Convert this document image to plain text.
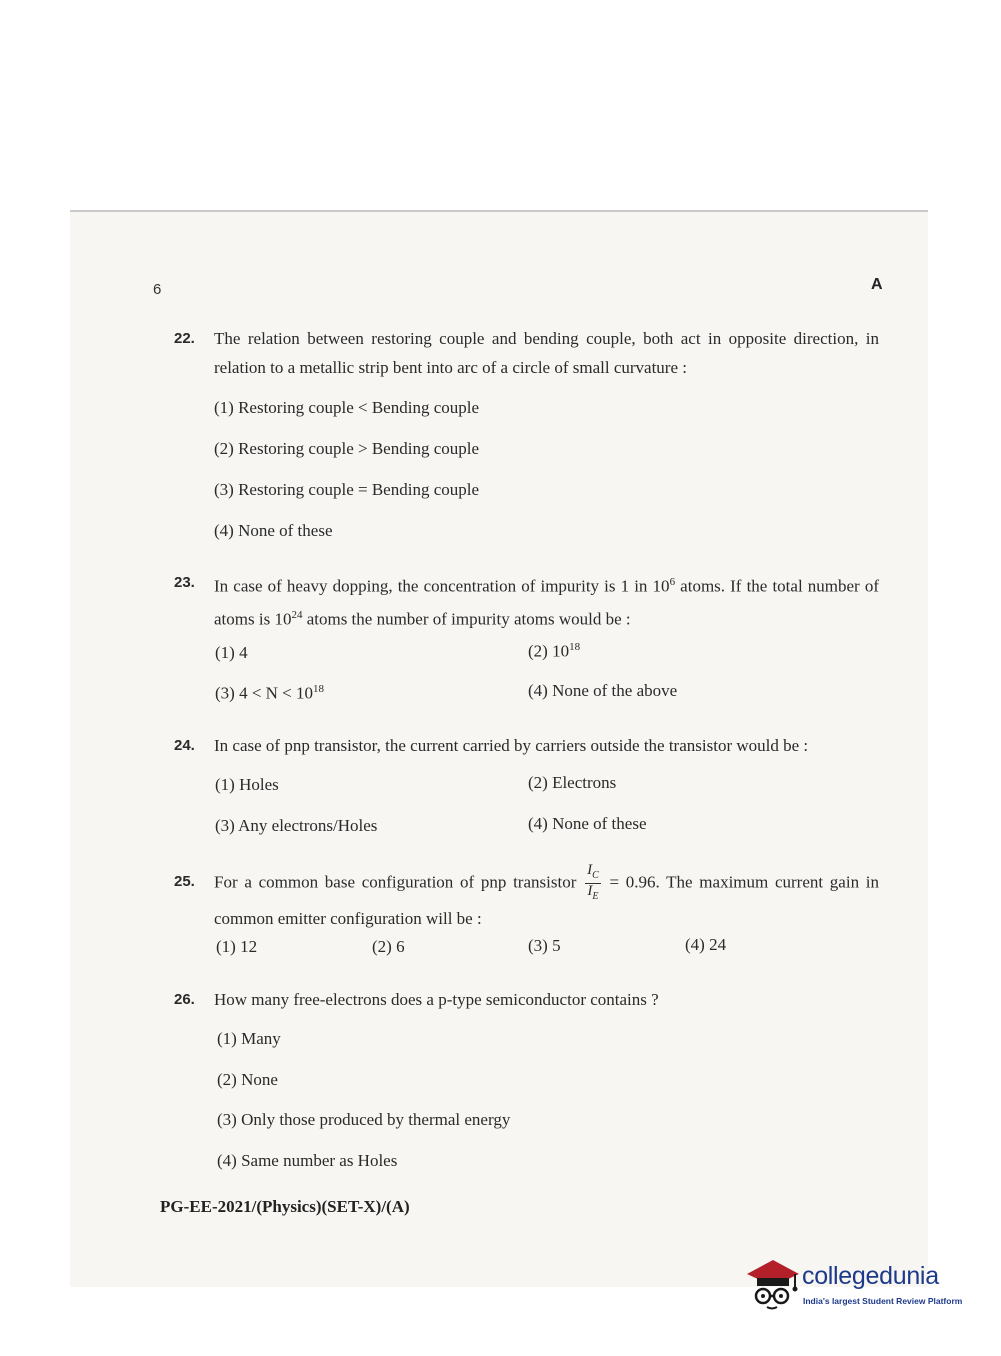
6	A
22. The relation between restoring couple and bending couple, both act in opposite direction, in relation to a metallic strip bent into arc of a circle of small curvature :
(1) Restoring couple < Bending couple
(2) Restoring couple > Bending couple
(3) Restoring couple = Bending couple
(4) None of these
23. In case of heavy dopping, the concentration of impurity is 1 in $10^6$ atoms. If the total number of atoms is $10^{24}$ atoms the number of impurity atoms would be :
(1) 4	(2) $10^{18}$
(3) $4 < N < 10^{18}$	(4) None of the above
24. In case of pnp transistor, the current carried by carriers outside the transistor would be :
(1) Holes	(2) Electrons
(3) Any electrons/Holes	(4) None of these
25. For a common base configuration of pnp transistor $\frac{I_C}{I_E} = 0.96$. The maximum current gain in common emitter configuration will be :
(1) 12	(2) 6	(3) 5	(4) 24
26. How many free-electrons does a p-type semiconductor contains ?
(1) Many
(2) None
(3) Only those produced by thermal energy
(4) Same number as Holes
PG-EE-2021/(Physics)(SET-X)/(A)
collegedunia
India's largest Student Review Platform
